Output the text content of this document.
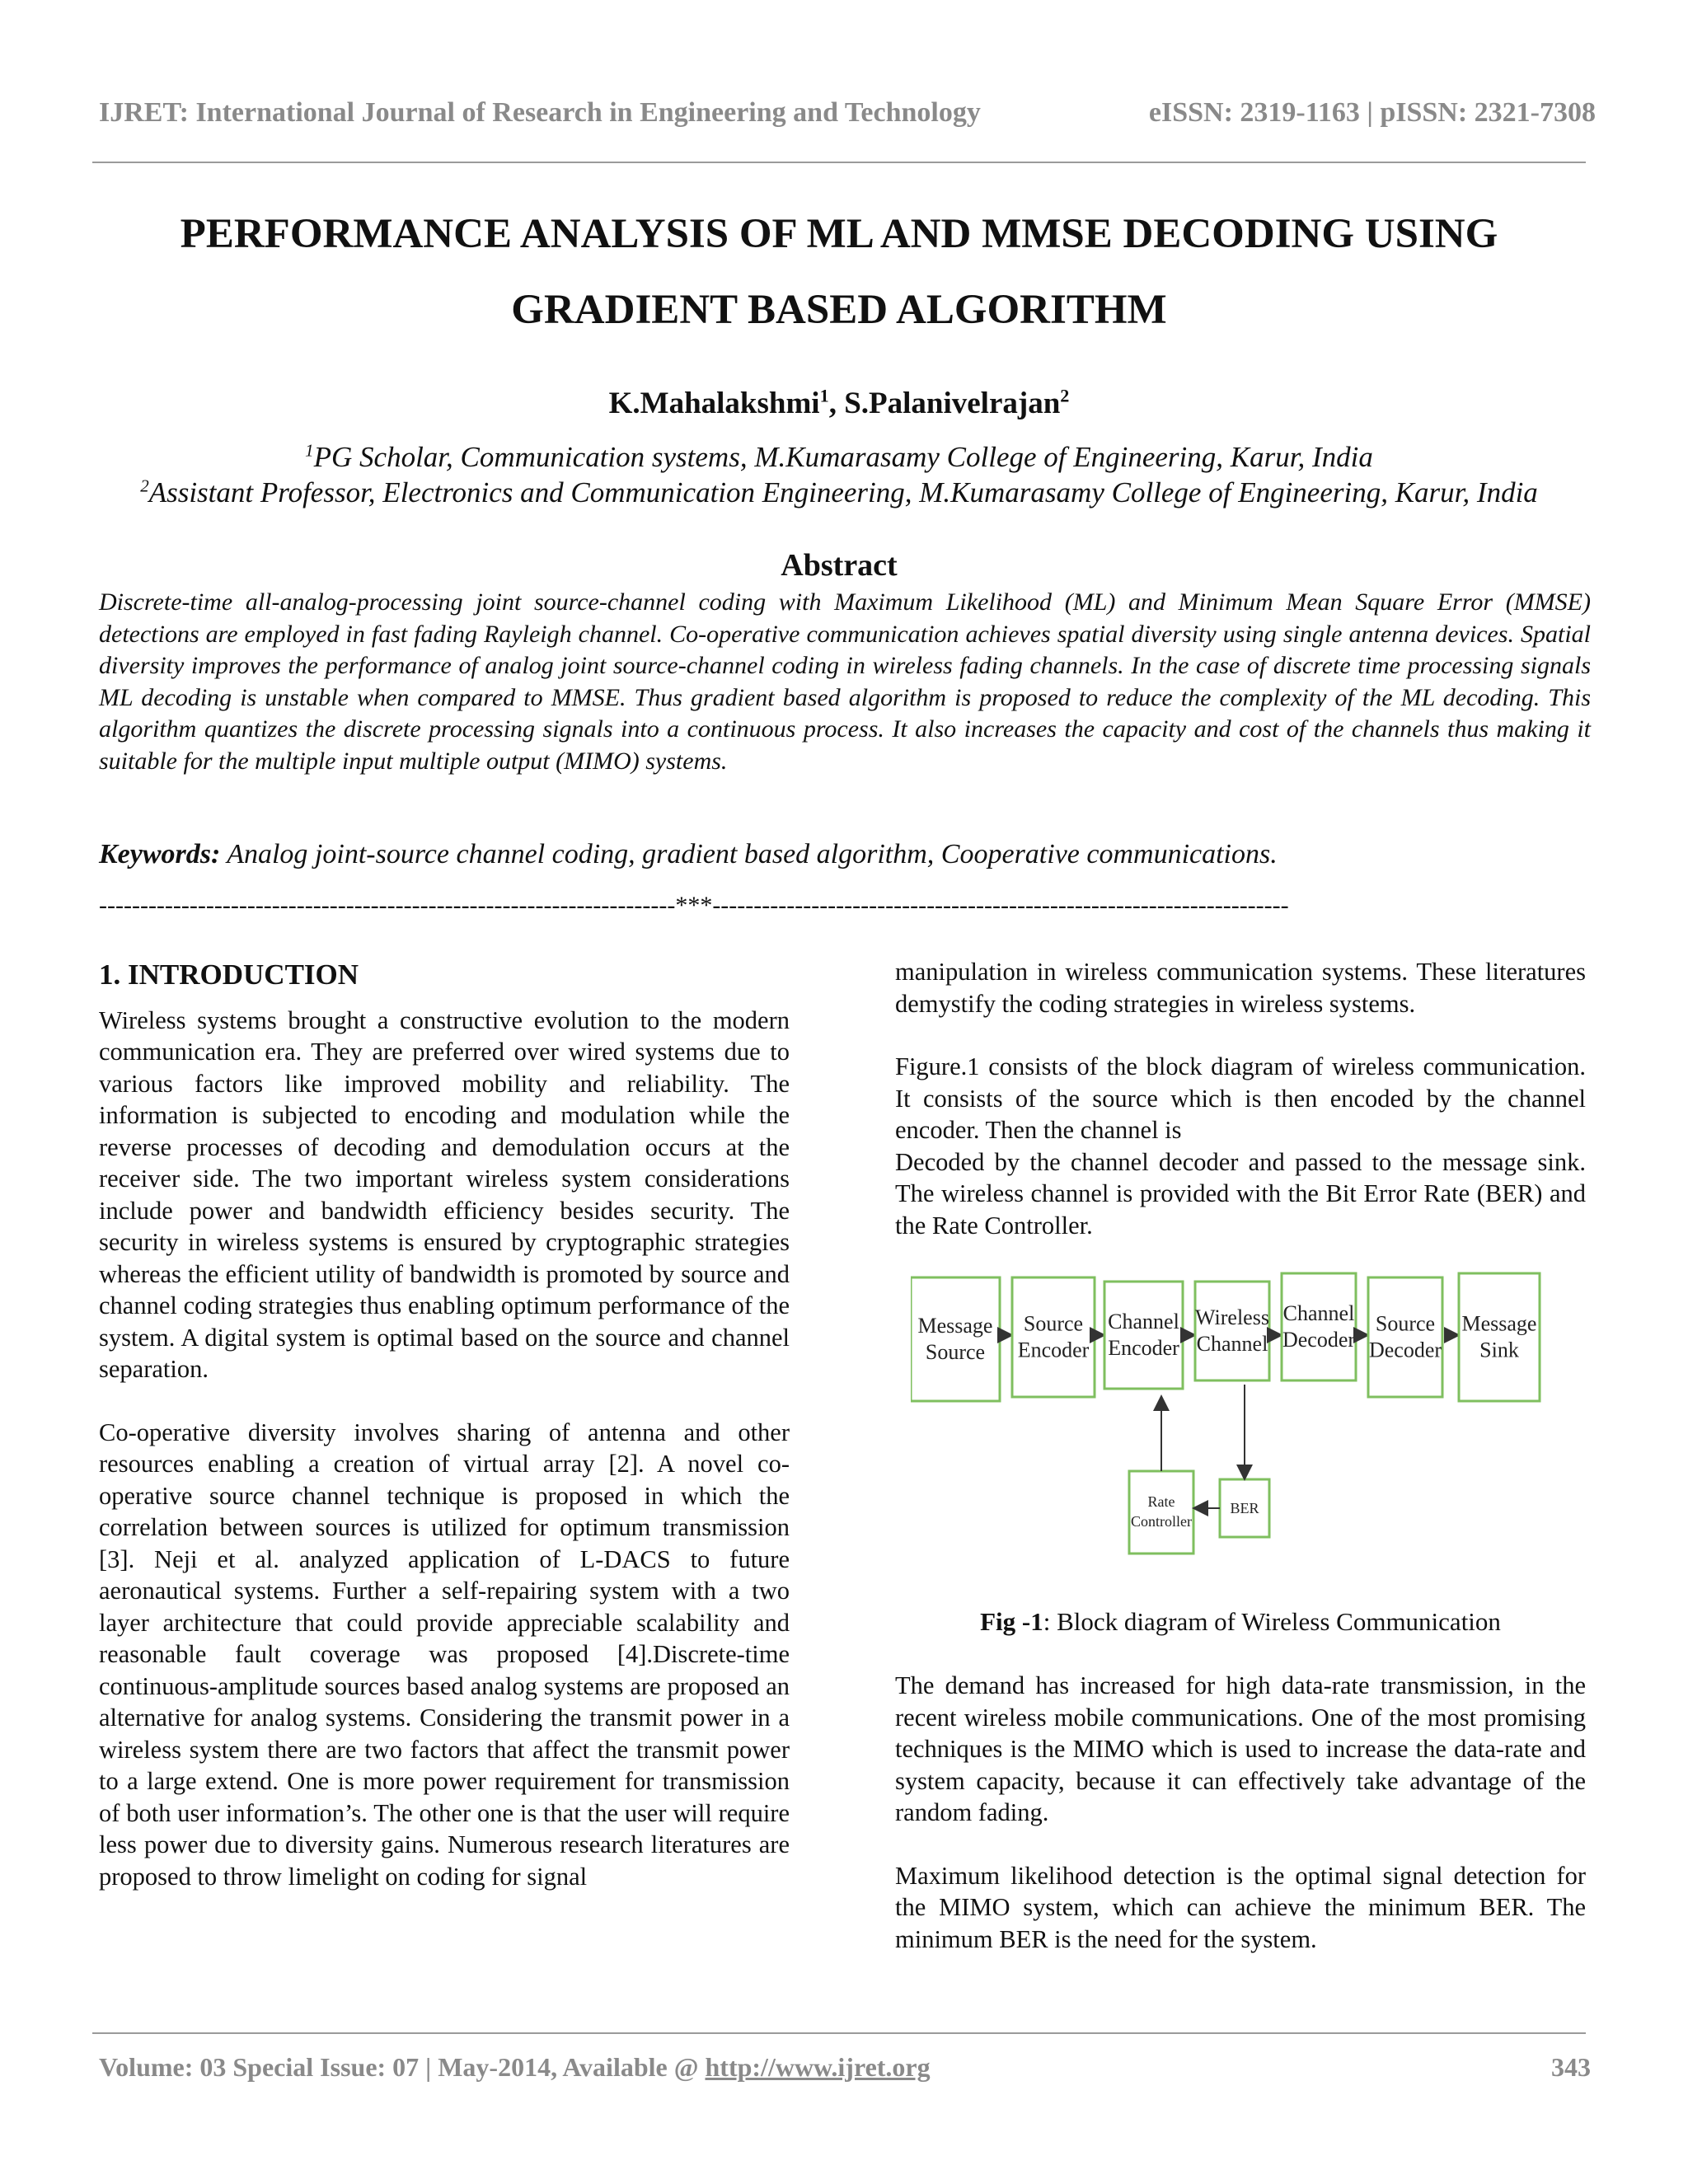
IJRET: International Journal of Research in Engineering and Technology	eISSN: 2319-1163 | pISSN: 2321-7308
PERFORMANCE ANALYSIS OF ML AND MMSE DECODING USING
GRADIENT BASED ALGORITHM
K.Mahalakshmi$^1$, S.Palanivelrajan$^2$
$^1$PG Scholar, Communication systems, M.Kumarasamy College of Engineering, Karur, India
$^2$Assistant Professor, Electronics and Communication Engineering, M.Kumarasamy College of Engineering, Karur, India
Abstract
Discrete-time all-analog-processing joint source-channel coding with Maximum Likelihood (ML) and Minimum Mean Square Error (MMSE) detections are employed in fast fading Rayleigh channel. Co-operative communication achieves spatial diversity using single antenna devices. Spatial diversity improves the performance of analog joint source-channel coding in wireless fading channels. In the case of discrete time processing signals ML decoding is unstable when compared to MMSE. Thus gradient based algorithm is proposed to reduce the complexity of the ML decoding. This algorithm quantizes the discrete processing signals into a continuous process. It also increases the capacity and cost of the channels thus making it suitable for the multiple input multiple output (MIMO) systems.
Keywords: Analog joint-source channel coding, gradient based algorithm, Cooperative communications.
----------------------------------------------------------------------***----------------------------------------------------------------------
1. INTRODUCTION

Wireless systems brought a constructive evolution to the modern communication era. They are preferred over wired systems due to various factors like improved mobility and reliability. The information is subjected to encoding and modulation while the reverse processes of decoding and demodulation occurs at the receiver side. The two important wireless system considerations include power and bandwidth efficiency besides security. The security in wireless systems is ensured by cryptographic strategies whereas the efficient utility of bandwidth is promoted by source and channel coding strategies thus enabling optimum performance of the system. A digital system is optimal based on the source and channel separation.

Co-operative diversity involves sharing of antenna and other resources enabling a creation of virtual array [2]. A novel co-operative source channel technique is proposed in which the correlation between sources is utilized for optimum transmission [3]. Neji et al. analyzed application of L-DACS to future aeronautical systems. Further a self-repairing system with a two layer architecture that could provide appreciable scalability and reasonable fault coverage was proposed [4].Discrete-time continuous-amplitude sources based analog systems are proposed an alternative for analog systems. Considering the transmit power in a wireless system there are two factors that affect the transmit power to a large extend. One is more power requirement for transmission of both user information’s. The other one is that the user will require less power due to diversity gains. Numerous research literatures are proposed to throw limelight on coding for signal

manipulation in wireless communication systems. These literatures demystify the coding strategies in wireless systems.

Figure.1 consists of the block diagram of wireless communication. It consists of the source which is then encoded by the channel encoder. Then the channel is
Decoded by the channel decoder and passed to the message sink. The wireless channel is provided with the Bit Error Rate (BER) and the Rate Controller.

Message
Source
Source
Encoder
Channel
Encoder
Wireless
Channel
Channel
Decoder
Source
Decoder
Message
Sink
Rate
Controller
BER
Fig -1: Block diagram of Wireless Communication

The demand has increased for high data-rate transmission, in the recent wireless mobile communications. One of the most promising techniques is the MIMO which is used to increase the data-rate and system capacity, because it can effectively take advantage of the random fading.

Maximum likelihood detection is the optimal signal detection for the MIMO system, which can achieve the minimum BER. The minimum BER is the need for the system.

Volume: 03 Special Issue: 07 | May-2014, Available @ http://www.ijret.org	343
